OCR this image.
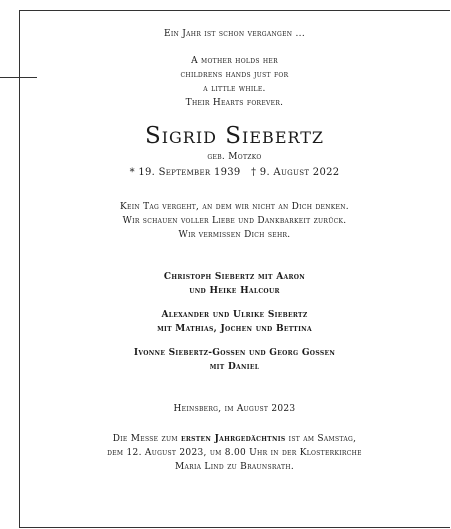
Ein Jahr ist schon vergangen ...
A mother holds her
childrens hands just for
a little while.
Their Hearts forever.
Sigrid Siebertz
geb. Motzko
* 19. September 1939   † 9. August 2022
Kein Tag vergeht, an dem wir nicht an Dich denken.
Wir schauen voller Liebe und Dankbarkeit zurück.
Wir vermissen Dich sehr.
Christoph Siebertz mit Aaron
und Heike Halcour
Alexander und Ulrike Siebertz
mit Mathias, Jochen und Bettina
Ivonne Siebertz-Gossen und Georg Gossen
mit Daniel
Heinsberg, im August 2023
Die Messe zum ersten Jahrgedächtnis ist am Samstag,
dem 12. August 2023, um 8.00 Uhr in der Klosterkirche
Maria Lind zu Braunsrath.
